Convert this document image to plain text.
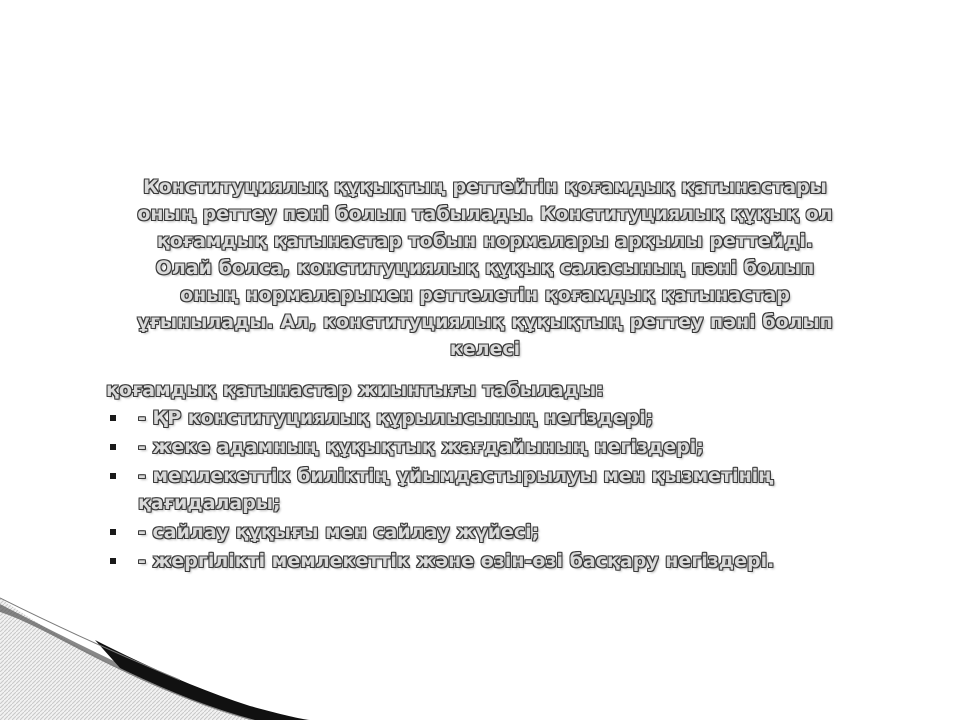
Конституциялық құқықтың реттейтін қоғамдық қатынастары
оның реттеу пәні болып табылады. Конституциялық құқық ол
қоғамдық қатынастар тобын нормалары арқылы реттейді.
Олай болса, конституциялық құқық саласының пәні болып
оның нормаларымен реттелетін қоғамдық қатынастар
ұғынылады. Ал, конституциялық құқықтың реттеу пәні болып
келесі
қоғамдық қатынастар жиынтығы табылады:
- ҚР конституциялық құрылысының негіздері;
- жеке адамның құқықтық жағдайының негіздері;
- мемлекеттік биліктің ұйымдастырылуы мен қызметінің қағидалары;
- сайлау құқығы мен сайлау жүйесі;
- жергілікті мемлекеттік және өзін-өзі басқару негіздері.
